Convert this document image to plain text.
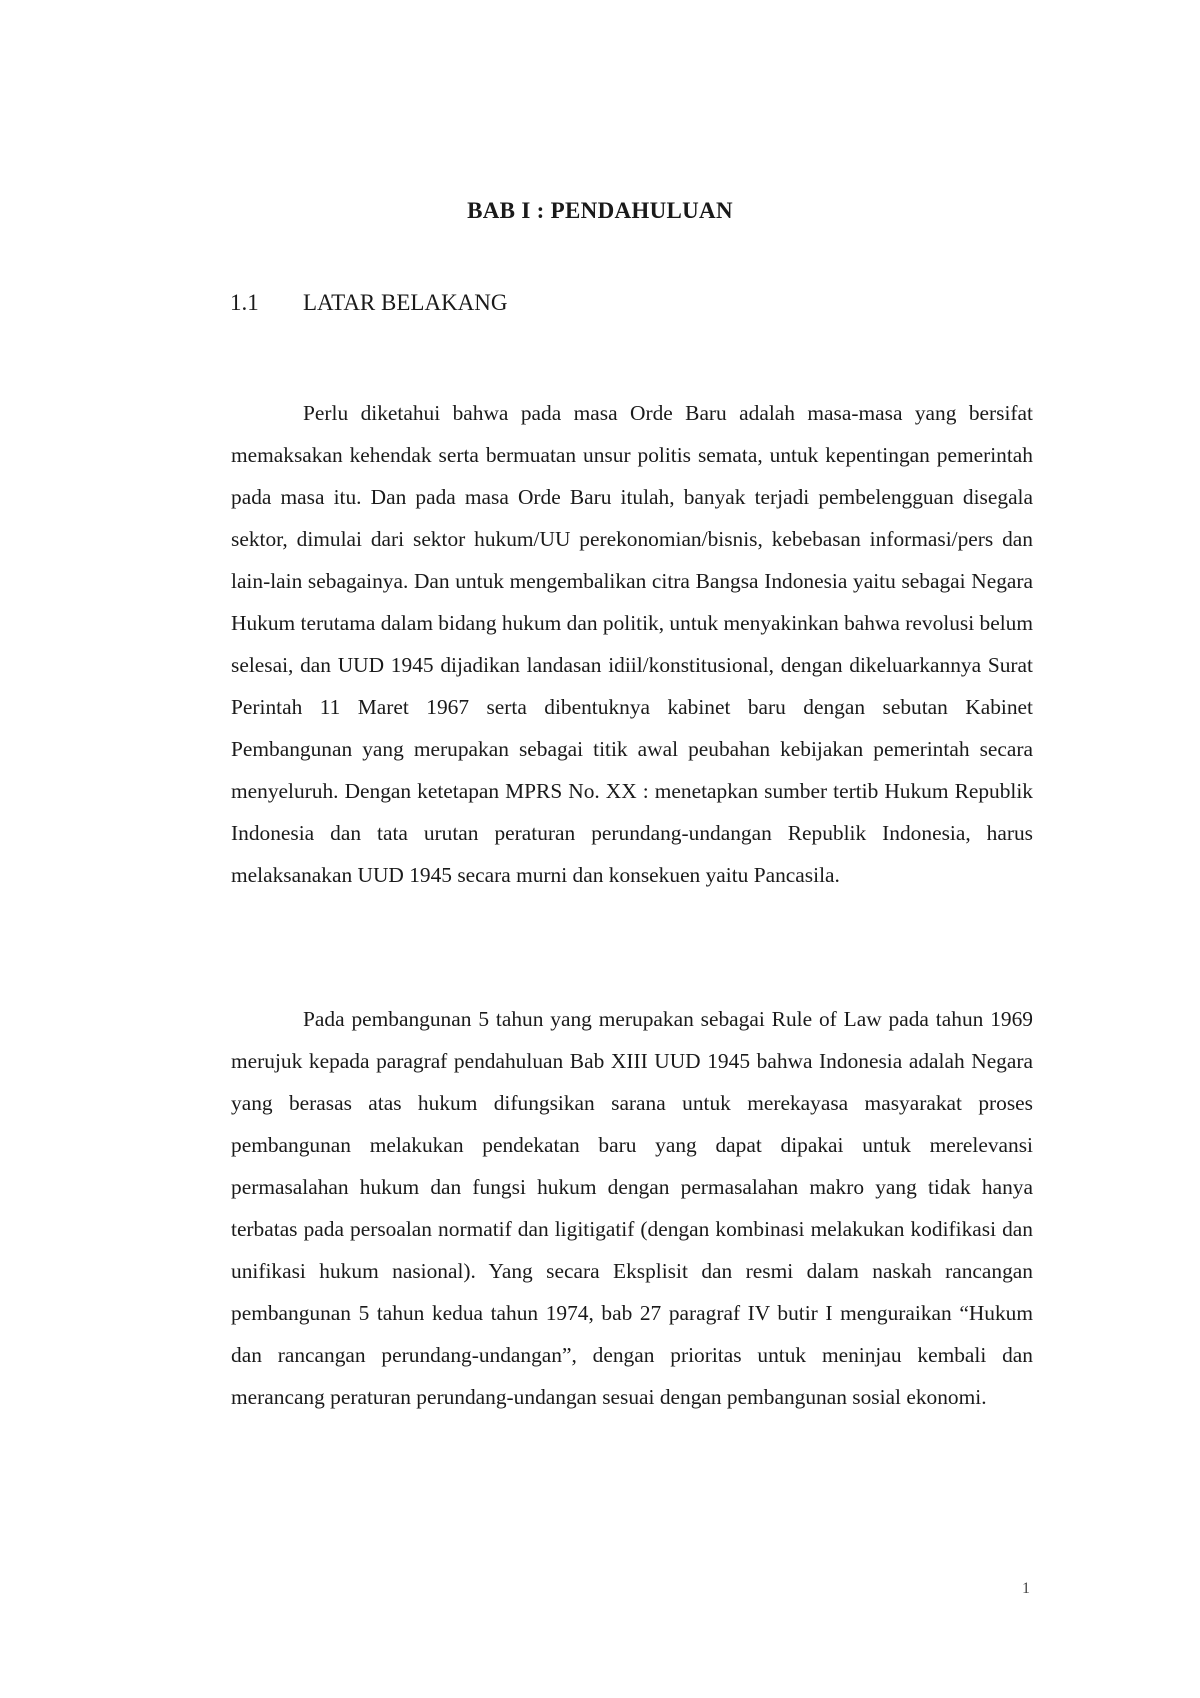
BAB I : PENDAHULUAN
1.1 LATAR BELAKANG

Perlu diketahui bahwa pada masa Orde Baru adalah masa-masa yang bersifat memaksakan kehendak serta bermuatan unsur politis semata, untuk kepentingan pemerintah pada masa itu. Dan pada masa Orde Baru itulah, banyak terjadi pembelengguan disegala sektor, dimulai dari sektor hukum/UU perekonomian/bisnis, kebebasan informasi/pers dan lain-lain sebagainya. Dan untuk mengembalikan citra Bangsa Indonesia yaitu sebagai Negara Hukum terutama dalam bidang hukum dan politik, untuk menyakinkan bahwa revolusi belum selesai, dan UUD 1945 dijadikan landasan idiil/konstitusional, dengan dikeluarkannya Surat Perintah 11 Maret 1967 serta dibentuknya kabinet baru dengan sebutan Kabinet Pembangunan yang merupakan sebagai titik awal peubahan kebijakan pemerintah secara menyeluruh. Dengan ketetapan MPRS No. XX : menetapkan sumber tertib Hukum Republik Indonesia dan tata urutan peraturan perundang-undangan Republik Indonesia, harus melaksanakan UUD 1945 secara murni dan konsekuen yaitu Pancasila.

Pada pembangunan 5 tahun yang merupakan sebagai Rule of Law pada tahun 1969 merujuk kepada paragraf pendahuluan Bab XIII UUD 1945 bahwa Indonesia adalah Negara yang berasas atas hukum difungsikan sarana untuk merekayasa masyarakat proses pembangunan melakukan pendekatan baru yang dapat dipakai untuk merelevansi permasalahan hukum dan fungsi hukum dengan permasalahan makro yang tidak hanya terbatas pada persoalan normatif dan ligitigatif (dengan kombinasi melakukan kodifikasi dan unifikasi hukum nasional). Yang secara Eksplisit dan resmi dalam naskah rancangan pembangunan 5 tahun kedua tahun 1974, bab 27 paragraf IV butir I menguraikan “Hukum dan rancangan perundang-undangan”, dengan prioritas untuk meninjau kembali dan merancang peraturan perundang-undangan sesuai dengan pembangunan sosial ekonomi.

1
